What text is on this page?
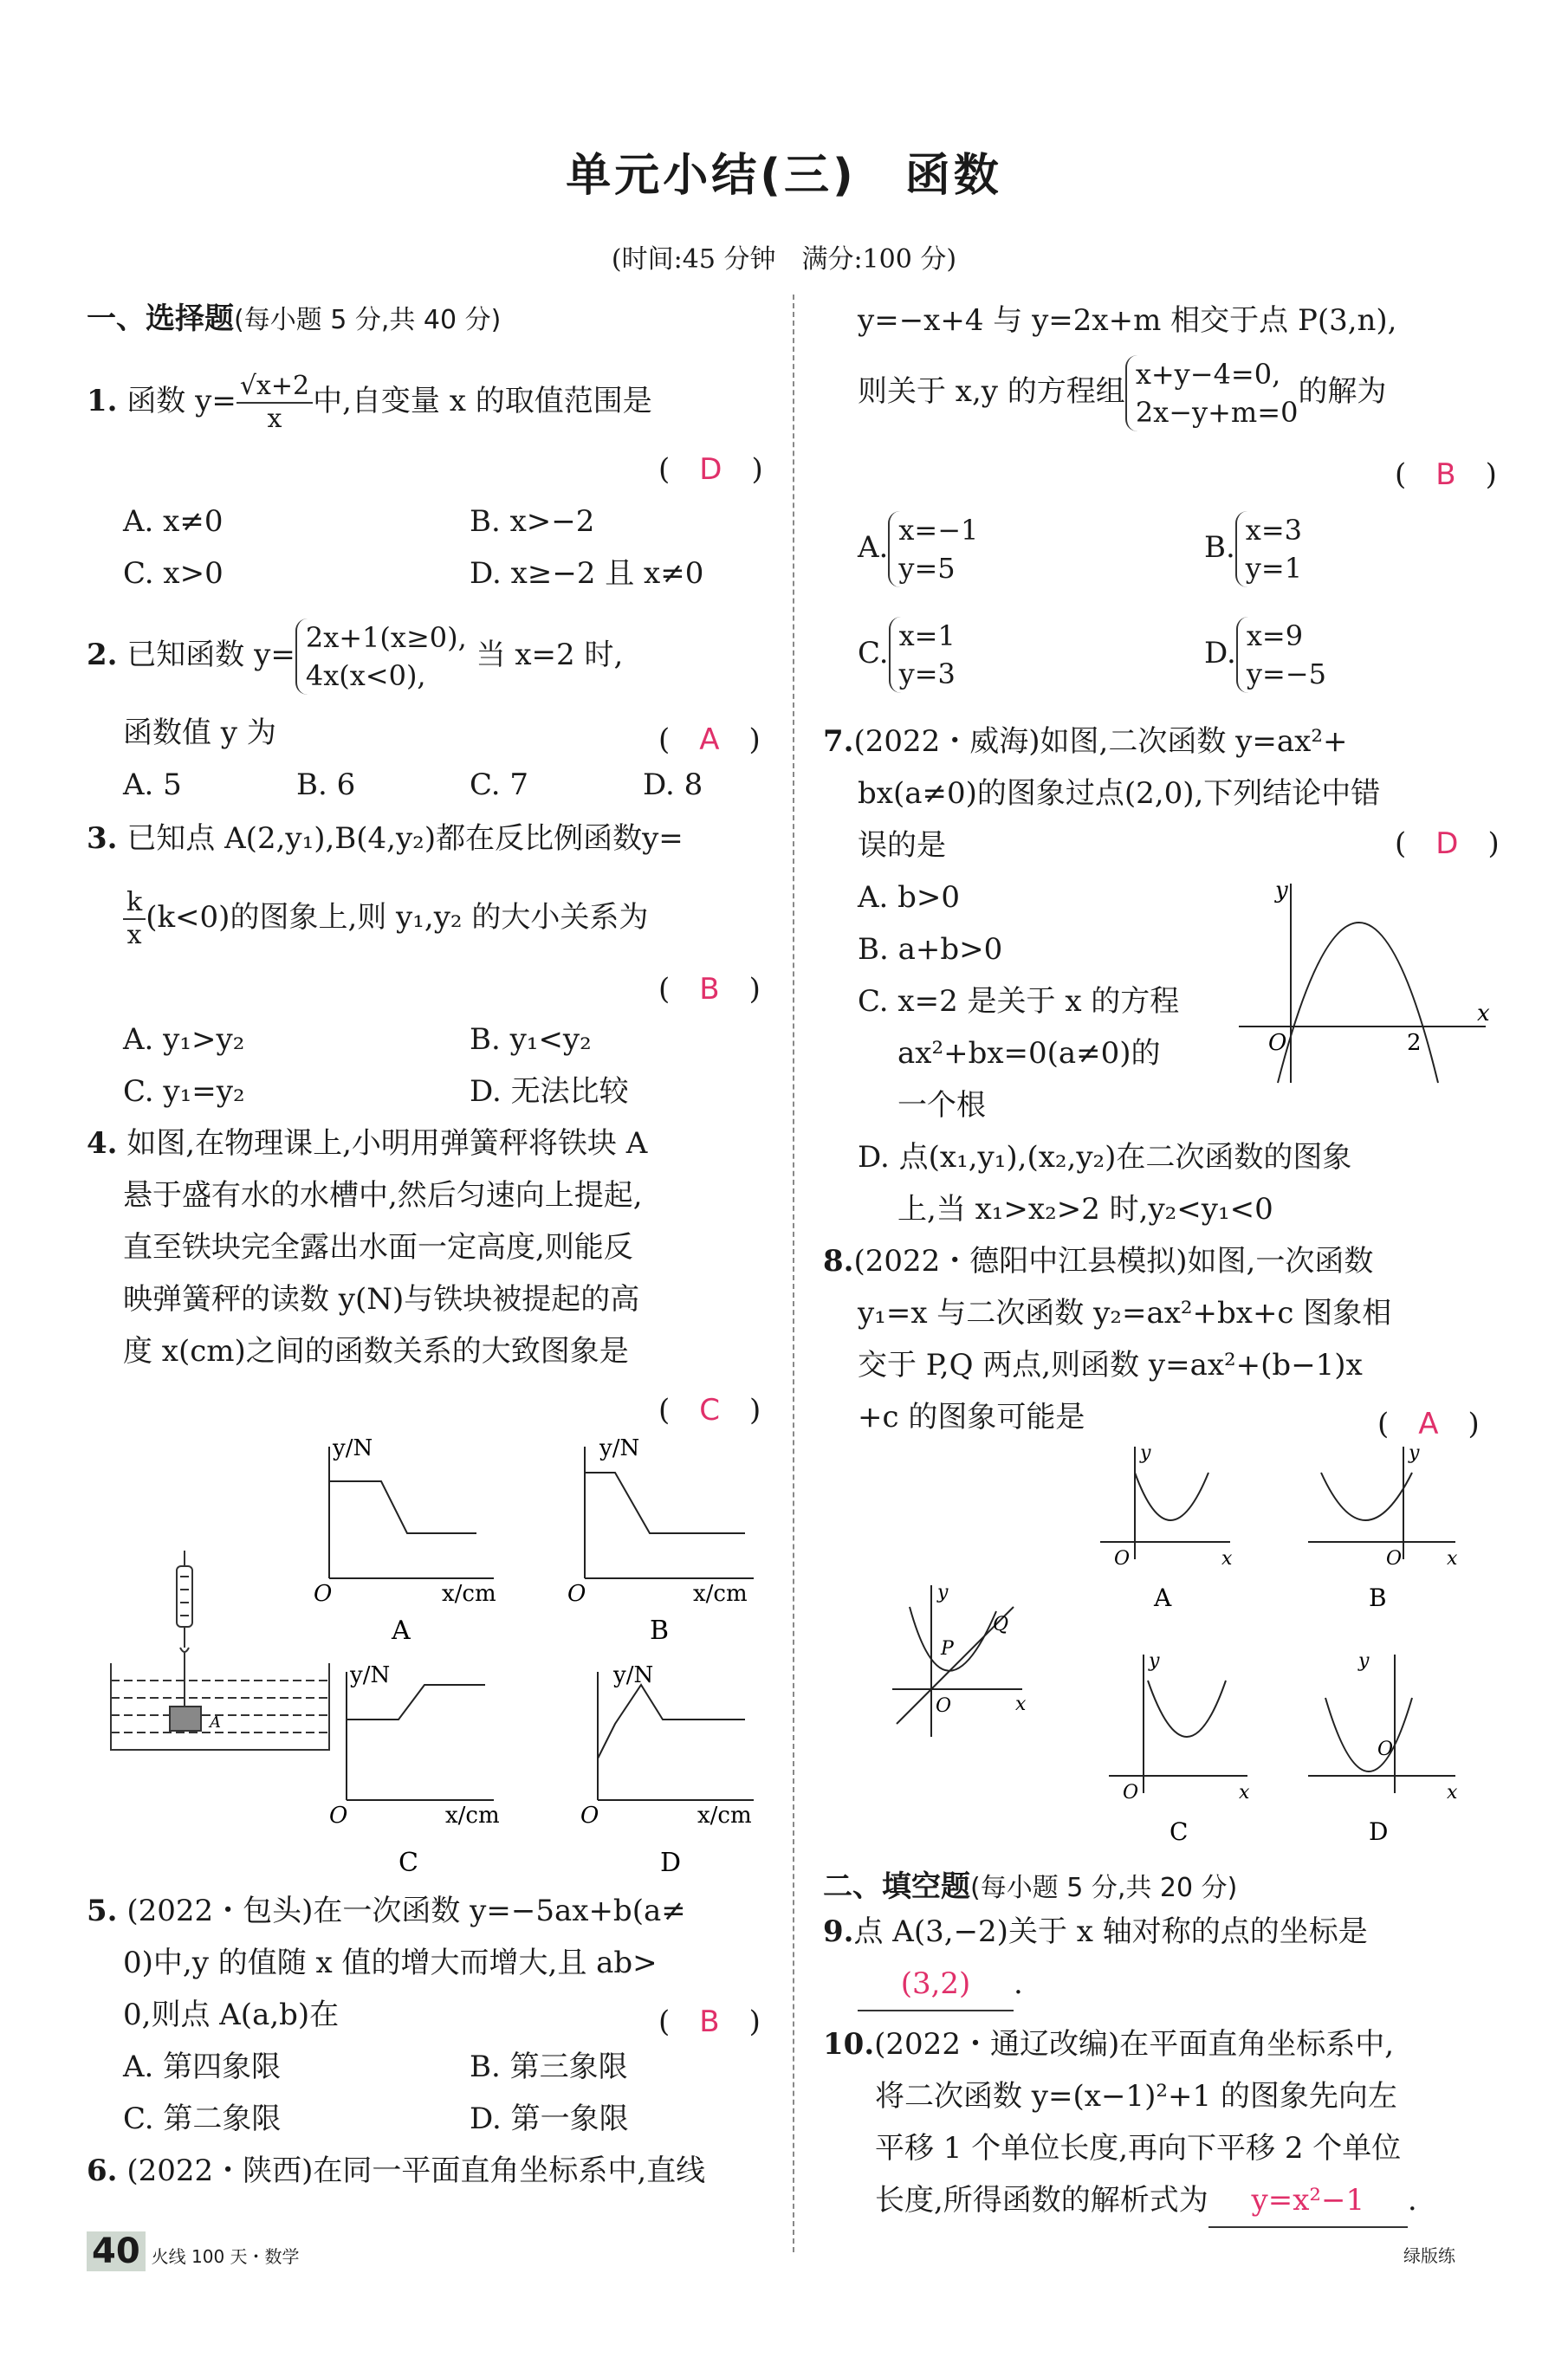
单元小结(三)　函数
(时间:45 分钟　满分:100 分)
一、选择题(每小题 5 分,共 40 分)
1. 函数 $y= \frac{√x+2}{x}$ 中,自变量 x 的取值范围是
(　D　)
A. x≠0	B. x>−2
C. x>0	D. x≥−2 且 x≠0
2. 已知函数 y= 2x+1(x≥0),
4x(x<0),
当 x=2 时,
函数值 y 为	(　A　)
A. 5	B. 6	C. 7	D. 8
3. 已知点 A(2,y₁),B(4,y₂)都在反比例函数y=
$\frac{k}{x} (k<0)$的图象上,则 y₁,y₂ 的大小关系为
(　B　)
A. y₁>y₂	B. y₁<y₂
C. y₁=y₂	D. 无法比较
4. 如图,在物理课上,小明用弹簧秤将铁块 A
悬于盛有水的水槽中,然后匀速向上提起,
直至铁块完全露出水面一定高度,则能反
映弹簧秤的读数 y(N)与铁块被提起的高
度 x(cm)之间的函数关系的大致图象是
(　C　)
A
y/N
O	x/cm
A
y/N
O	x/cm
B
y/N
O	x/cm
C
y/N
O	x/cm
D
5. (2022・包头)在一次函数 y=−5ax+b(a≠
0)中,y 的值随 x 值的增大而增大,且 ab>
0,则点 A(a,b)在	(　B　)
A. 第四象限	B. 第三象限
C. 第二象限	D. 第一象限
6. (2022・陕西)在同一平面直角坐标系中,直线
40 火线 100 天・数学	绿版练
y=−x+4 与 y=2x+m 相交于点 P(3,n),
则关于 x,y 的方程组 x+y−4=0,
2x−y+m=0
的解为
(　B　)
A. x=−1
y=5
B. x=3
y=1
C. x=1
y=3
D. x=9
y=−5
7.(2022・威海)如图,二次函数 y=ax²+
bx(a≠0)的图象过点(2,0),下列结论中错
误的是	(　D　)
A. b>0
B. a+b>0
C. x=2 是关于 x 的方程
ax²+bx=0(a≠0)的
一个根
D. 点(x₁,y₁),(x₂,y₂)在二次函数的图象
上,当 x₁>x₂>2 时,y₂<y₁<0
y
x
O	2
8.(2022・德阳中江县模拟)如图,一次函数
y₁=x 与二次函数 y₂=ax²+bx+c 图象相
交于 P,Q 两点,则函数 y=ax²+(b−1)x
+c 的图象可能是	(　A　)
y
x
O
P
Q
y
O	x
A
y
O x
B
y
O	x
C
y
O
x
D
二、填空题(每小题 5 分,共 20 分)
9.点 A(3,−2)关于 x 轴对称的点的坐标是
(3,2) .
10.(2022・通辽改编)在平面直角坐标系中,
将二次函数 y=(x−1)²+1 的图象先向左
平移 1 个单位长度,再向下平移 2 个单位
长度,所得函数的解析式为 y=x²−1 .
